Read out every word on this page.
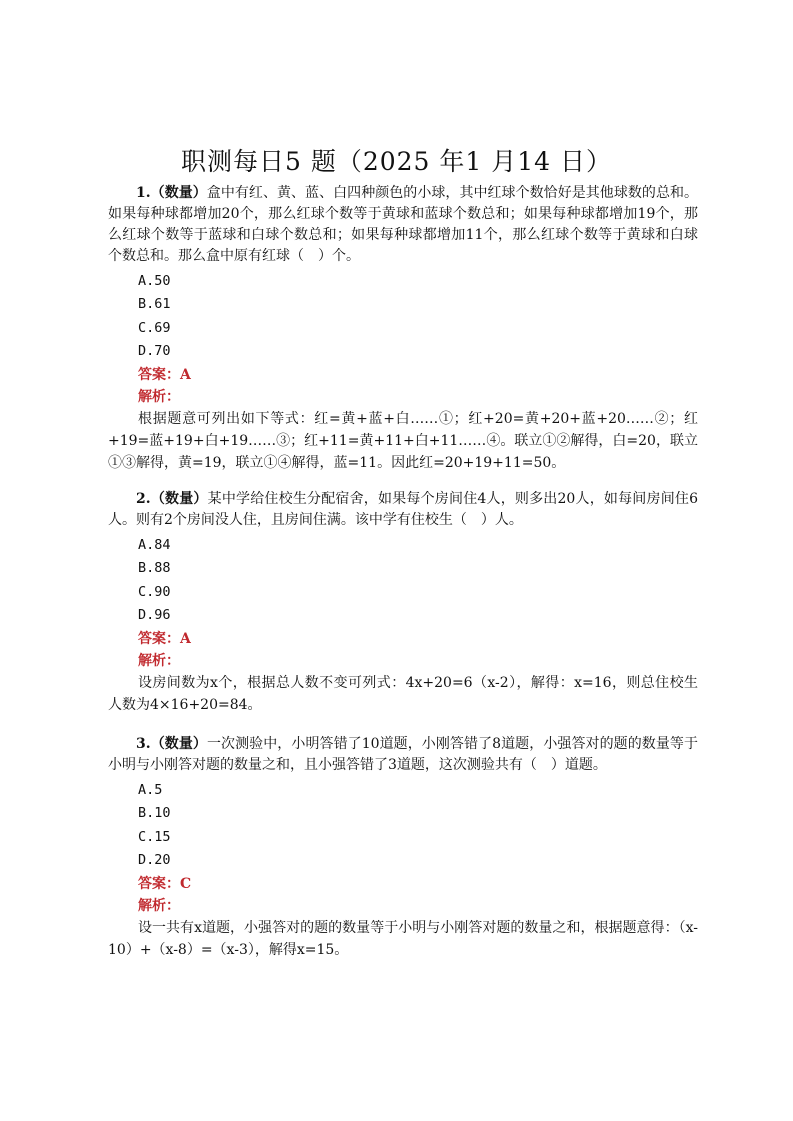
职测每日5 题（2025 年1 月14 日）

1.（数量）盒中有红、黄、蓝、白四种颜色的小球，其中红球个数恰好是其他球数的总和。如果每种球都增加20个，那么红球个数等于黄球和蓝球个数总和；如果每种球都增加19个，那么红球个数等于蓝球和白球个数总和；如果每种球都增加11个，那么红球个数等于黄球和白球个数总和。那么盒中原有红球（　）个。

A.50

B.61

C.69

D.70

答案：A

解析：

根据题意可列出如下等式：红=黄+蓝+白……①；红+20=黄+20+蓝+20……②；红+19=蓝+19+白+19……③；红+11=黄+11+白+11……④。联立①②解得，白=20，联立①③解得，黄=19，联立①④解得，蓝=11。因此红=20+19+11=50。

2.（数量）某中学给住校生分配宿舍，如果每个房间住4人，则多出20人，如每间房间住6人。则有2个房间没人住，且房间住满。该中学有住校生（　）人。

A.84

B.88

C.90

D.96

答案：A

解析：

设房间数为x个，根据总人数不变可列式：4x+20=6（x-2），解得：x=16，则总住校生人数为4×16+20=84。

3.（数量）一次测验中，小明答错了10道题，小刚答错了8道题，小强答对的题的数量等于小明与小刚答对题的数量之和，且小强答错了3道题，这次测验共有（　）道题。

A.5

B.10

C.15

D.20

答案：C

解析：

设一共有x道题，小强答对的题的数量等于小明与小刚答对题的数量之和，根据题意得：（x-10）+（x-8）=（x-3），解得x=15。
